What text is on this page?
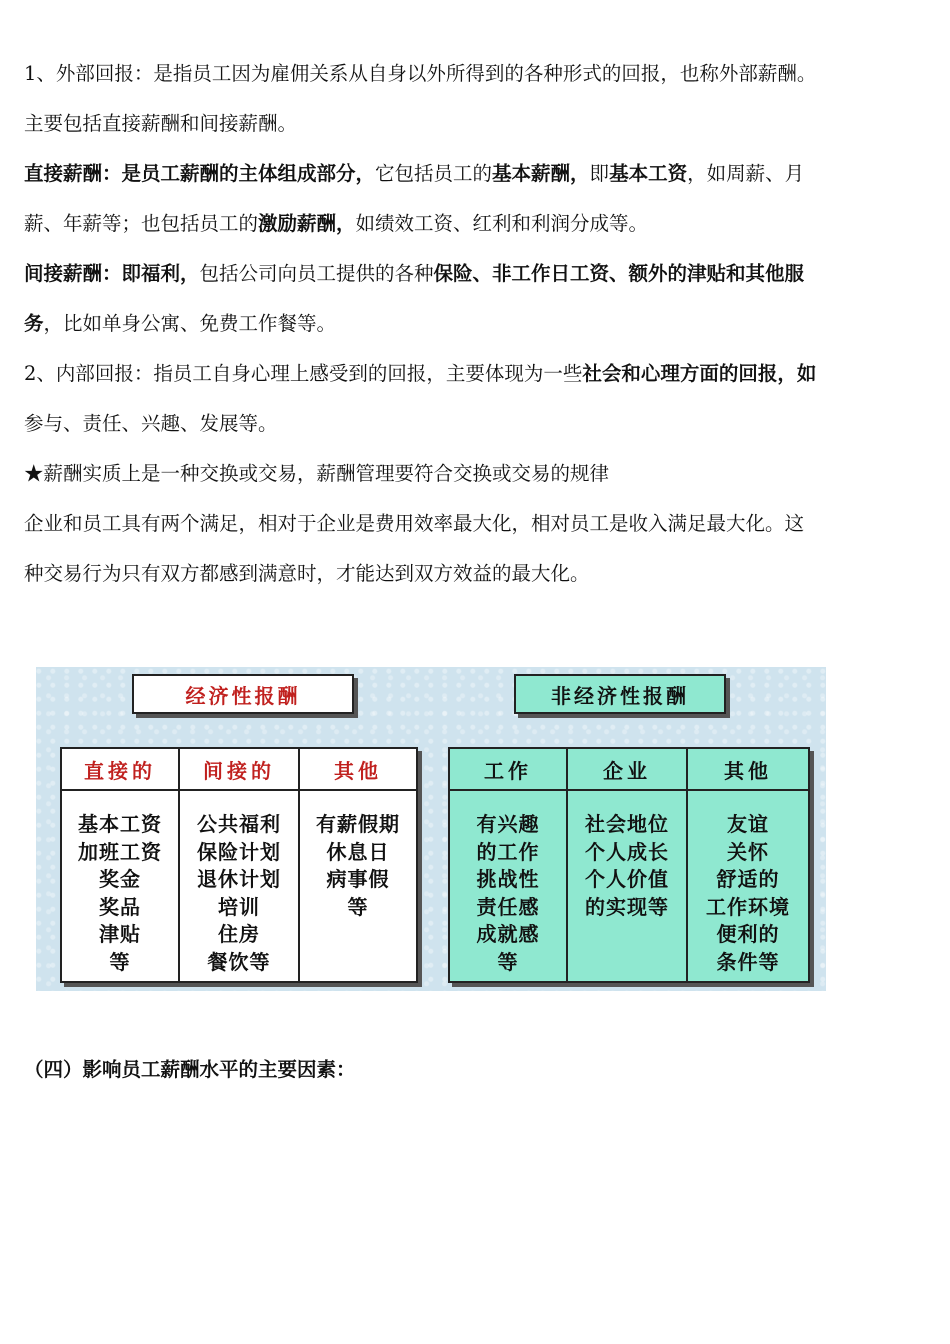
1、外部回报：是指员工因为雇佣关系从自身以外所得到的各种形式的回报，也称外部薪酬。
主要包括直接薪酬和间接薪酬。
直接薪酬：是员工薪酬的主体组成部分，它包括员工的基本薪酬，即基本工资，如周薪、月
薪、年薪等；也包括员工的激励薪酬，如绩效工资、红利和利润分成等。
间接薪酬：即福利，包括公司向员工提供的各种保险、非工作日工资、额外的津贴和其他服
务，比如单身公寓、免费工作餐等。
2、内部回报：指员工自身心理上感受到的回报，主要体现为一些社会和心理方面的回报，如
参与、责任、兴趣、发展等。
★薪酬实质上是一种交换或交易，薪酬管理要符合交换或交易的规律
企业和员工具有两个满足，相对于企业是费用效率最大化，相对员工是收入满足最大化。这
种交易行为只有双方都感到满意时，才能达到双方效益的最大化。
经济性报酬	非经济性报酬
直接的
基本工资
加班工资
奖金
奖品
津贴
等
间接的
公共福利
保险计划
退休计划
培训
住房
餐饮等
其他
有薪假期
休息日
病事假
等
工作
有兴趣
的工作
挑战性
责任感
成就感
等
企业
社会地位
个人成长
个人价值
的实现等
其他
友谊
关怀
舒适的
工作环境
便利的
条件等

（四）影响员工薪酬水平的主要因素：
